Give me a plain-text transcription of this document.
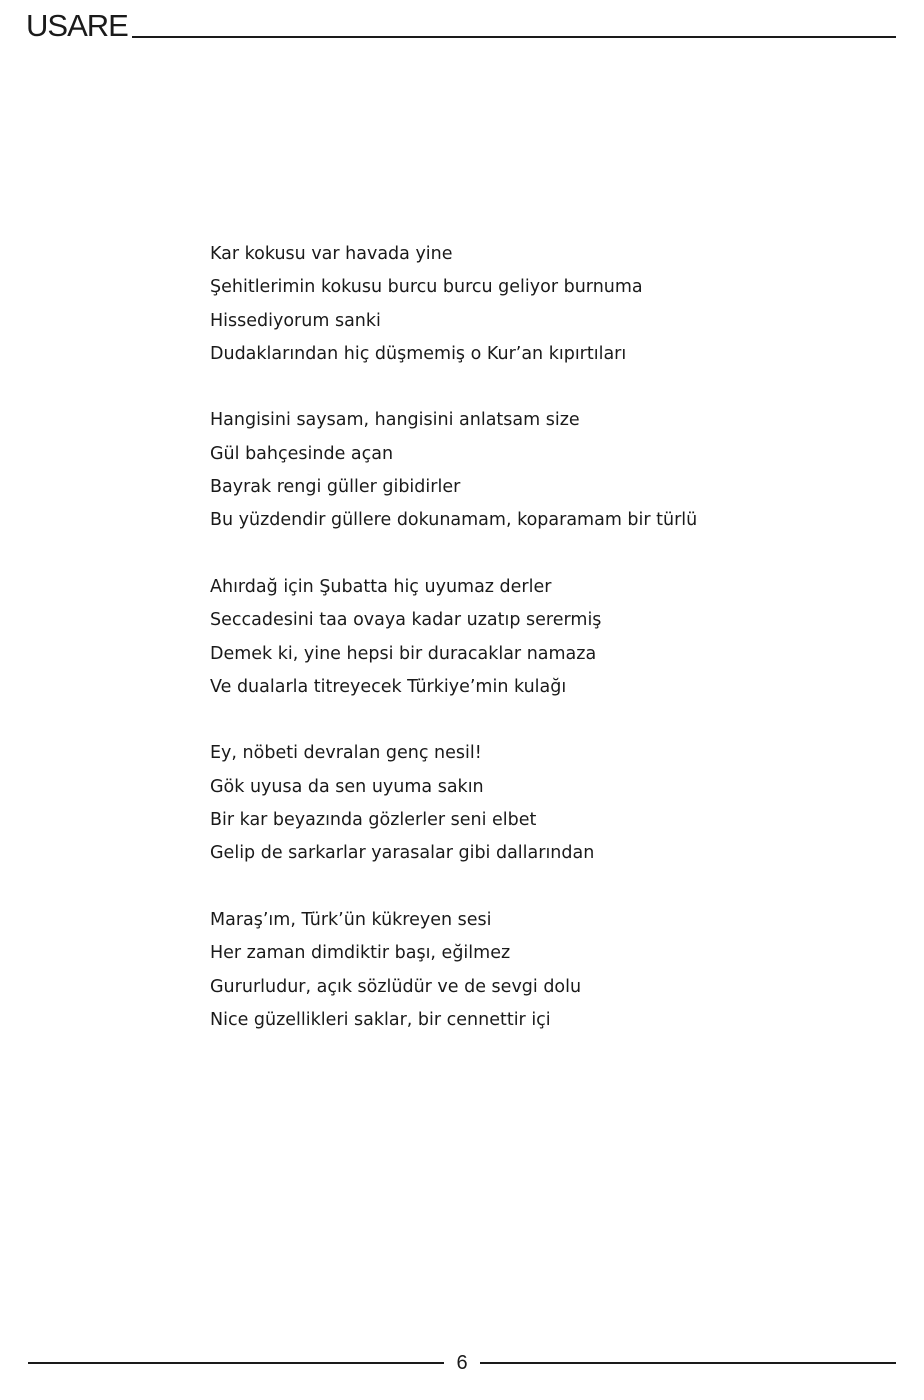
USARE
Kar kokusu var havada yine
Şehitlerimin kokusu burcu burcu geliyor burnuma
Hissediyorum sanki
Dudaklarından hiç düşmemiş o Kur’an kıpırtıları
Hangisini saysam, hangisini anlatsam size
Gül bahçesinde açan
Bayrak rengi güller gibidirler
Bu yüzdendir güllere dokunamam, koparamam bir türlü
Ahırdağ için Şubatta hiç uyumaz derler
Seccadesini taa ovaya kadar uzatıp serermiş
Demek ki, yine hepsi bir duracaklar namaza
Ve dualarla titreyecek Türkiye’min kulağı
Ey, nöbeti devralan genç nesil!
Gök uyusa da sen uyuma sakın
Bir kar beyazında gözlerler seni elbet
Gelip de sarkarlar yarasalar gibi dallarından
Maraş’ım, Türk’ün kükreyen sesi
Her zaman dimdiktir başı, eğilmez
Gururludur, açık sözlüdür ve de sevgi dolu
Nice güzellikleri saklar, bir cennettir içi
6
